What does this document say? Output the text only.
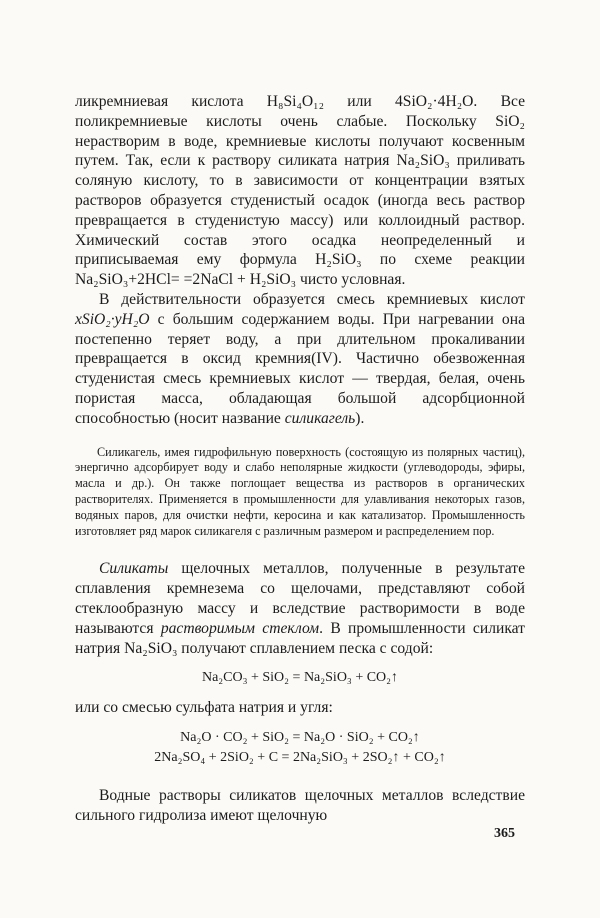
ликремниевая кислота H₈Si₄O₁₂ или 4SiO₂·4H₂O. Все поликремниевые кислоты очень слабые. Поскольку SiO₂ нерастворим в воде, кремниевые кислоты получают косвенным путем. Так, если к раствору силиката натрия Na₂SiO₃ приливать соляную кислоту, то в зависимости от концентрации взятых растворов образуется студенистый осадок (иногда весь раствор превращается в студенистую массу) или коллоидный раствор. Химический состав этого осадка неопределенный и приписываемая ему формула H₂SiO₃ по схеме реакции Na₂SiO₃+2HCl= =2NaCl + H₂SiO₃ чисто условная.

В действительности образуется смесь кремниевых кислот xSiO₂·yH₂O с большим содержанием воды. При нагревании она постепенно теряет воду, а при длительном прокаливании превращается в оксид кремния(IV). Частично обезвоженная студенистая смесь кремниевых кислот — твердая, белая, очень пористая масса, обладающая большой адсорбционной способностью (носит название силикагель).

Силикагель, имея гидрофильную поверхность (состоящую из полярных частиц), энергично адсорбирует воду и слабо неполярные жидкости (углеводороды, эфиры, масла и др.). Он также поглощает вещества из растворов в органических растворителях. Применяется в промышленности для улавливания некоторых газов, водяных паров, для очистки нефти, керосина и как катализатор. Промышленность изготовляет ряд марок силикагеля с различным размером и распределением пор.

Силикаты щелочных металлов, полученные в результате сплавления кремнезема со щелочами, представляют собой стеклообразную массу и вследствие растворимости в воде называются растворимым стеклом. В промышленности силикат натрия Na₂SiO₃ получают сплавлением песка с содой:

Na₂CO₃ + SiO₂ = Na₂SiO₃ + CO₂↑

или со смесью сульфата натрия и угля:

Na₂O · CO₂ + SiO₂ = Na₂O · SiO₂ + CO₂↑
2Na₂SO₄ + 2SiO₂ + C = 2Na₂SiO₃ + 2SO₂↑ + CO₂↑

Водные растворы силикатов щелочных металлов вследствие сильного гидролиза имеют щелочную

365
